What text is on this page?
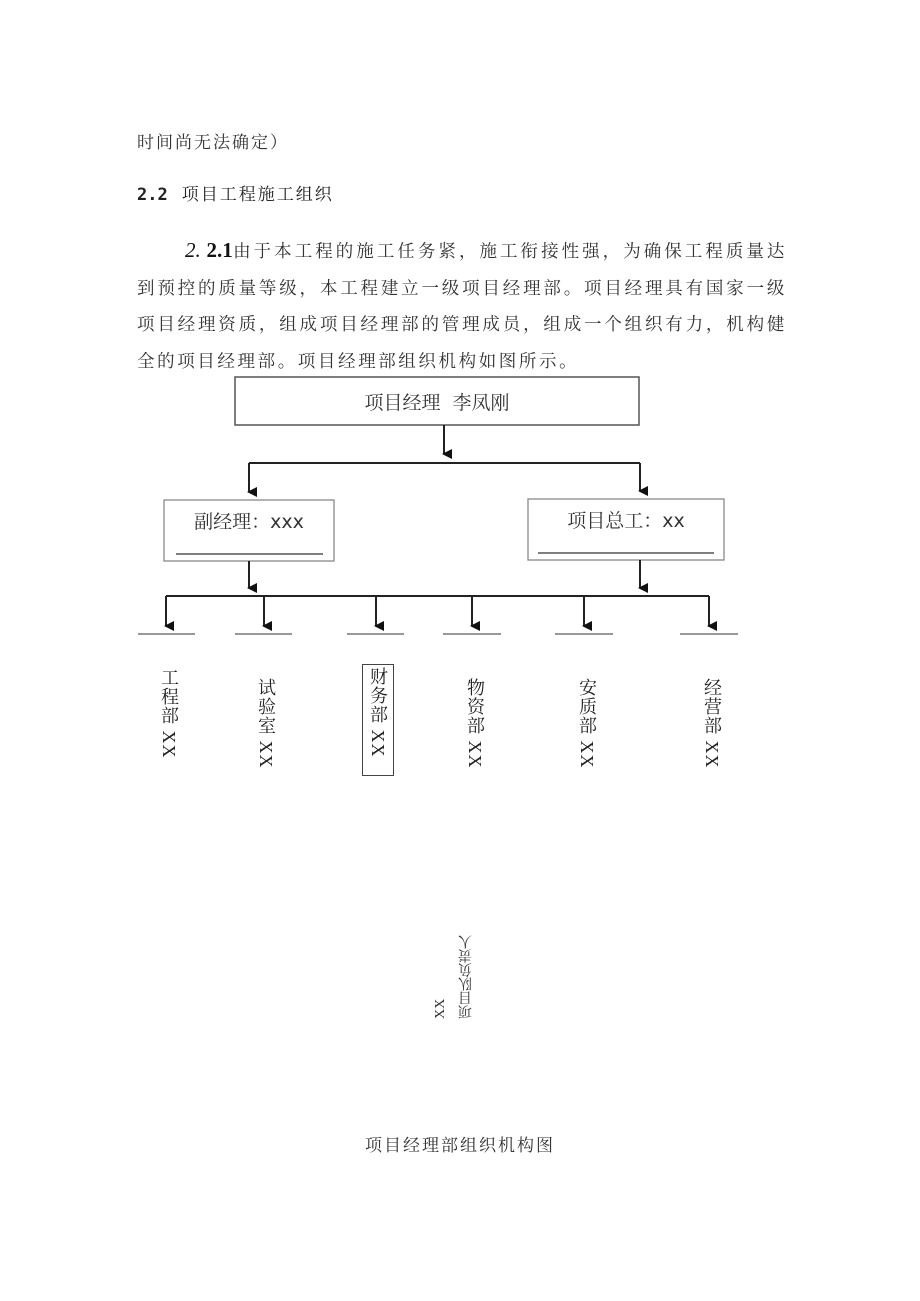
时间尚无法确定）
2.2 项目工程施工组织
2. 2.1由于本工程的施工任务紧，施工衔接性强，为确保工程质量达到预控的质量等级，本工程建立一级项目经理部。项目经理具有国家一级项目经理资质，组成项目经理部的管理成员，组成一个组织有力，机构健全的项目经理部。项目经理部组织机构如图所示。
项目经理  李凤刚
副经理：xxx	项目总工：xx
工程部 XX	试验室 XX	财务部 XX	物资部 XX	安质部 XX	经营部 XX
项目队负责人
XX
项目经理部组织机构图
